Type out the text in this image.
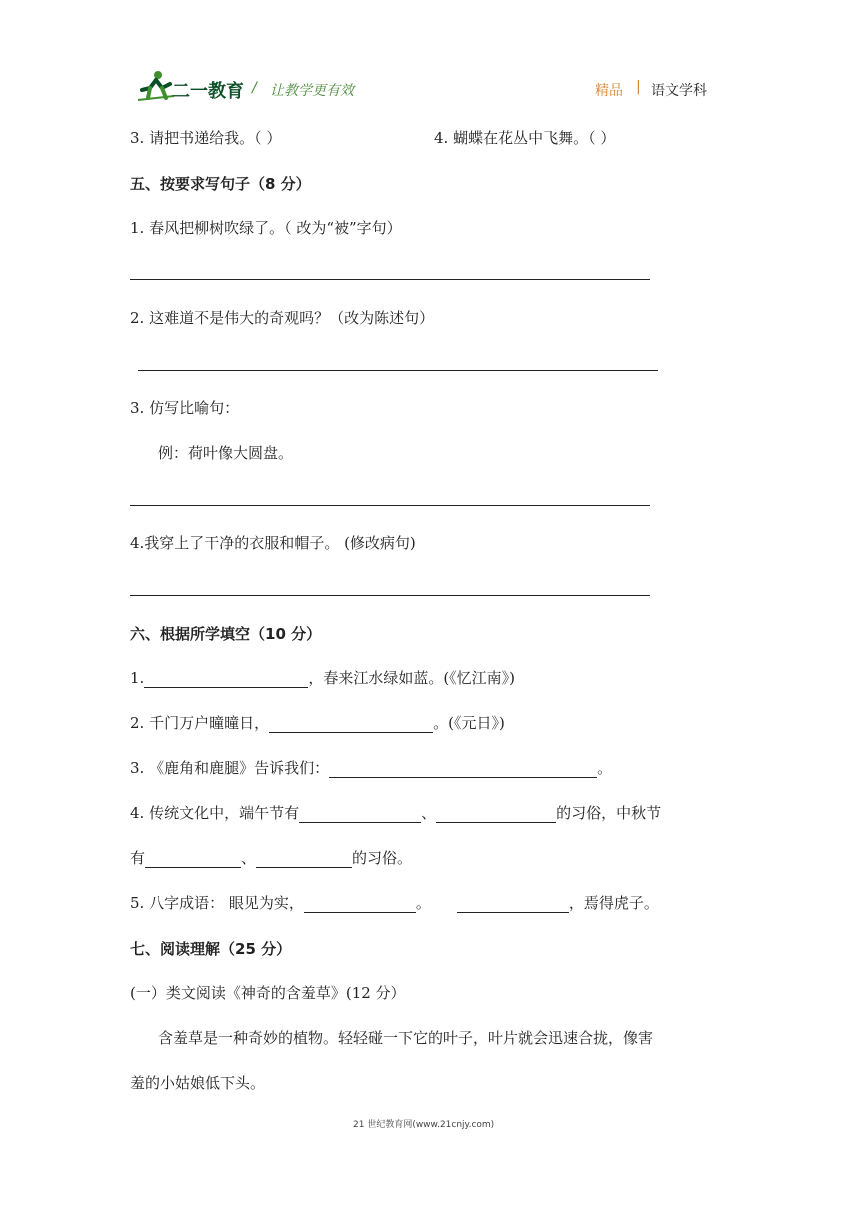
二一教育 / 让教学更有效	精品 | 语文学科
3. 请把书递给我。（ ）	4. 蝴蝶在花丛中飞舞。（ ）
五、按要求写句子（8 分）
1. 春风把柳树吹绿了。（ 改为“被”字句）
2. 这难道不是伟大的奇观吗？（改为陈述句）
3. 仿写比喻句：
例：荷叶像大圆盘。
4.我穿上了干净的衣服和帽子。 (修改病句)
六、根据所学填空（10 分）
1.	，春来江水绿如蓝。(《忆江南》)
2. 千门万户曈曈日，	。(《元日》)
3. 《鹿角和鹿腿》告诉我们：	。
4. 传统文化中，端午节有	、	的习俗，中秋节
有	、	的习俗。
5. 八字成语： 眼见为实，	。	，焉得虎子。
七、阅读理解（25 分）
(一）类文阅读《神奇的含羞草》(12 分）
含羞草是一种奇妙的植物。轻轻碰一下它的叶子，叶片就会迅速合拢，像害
羞的小姑娘低下头。
21 世纪教育网(www.21cnjy.com)
